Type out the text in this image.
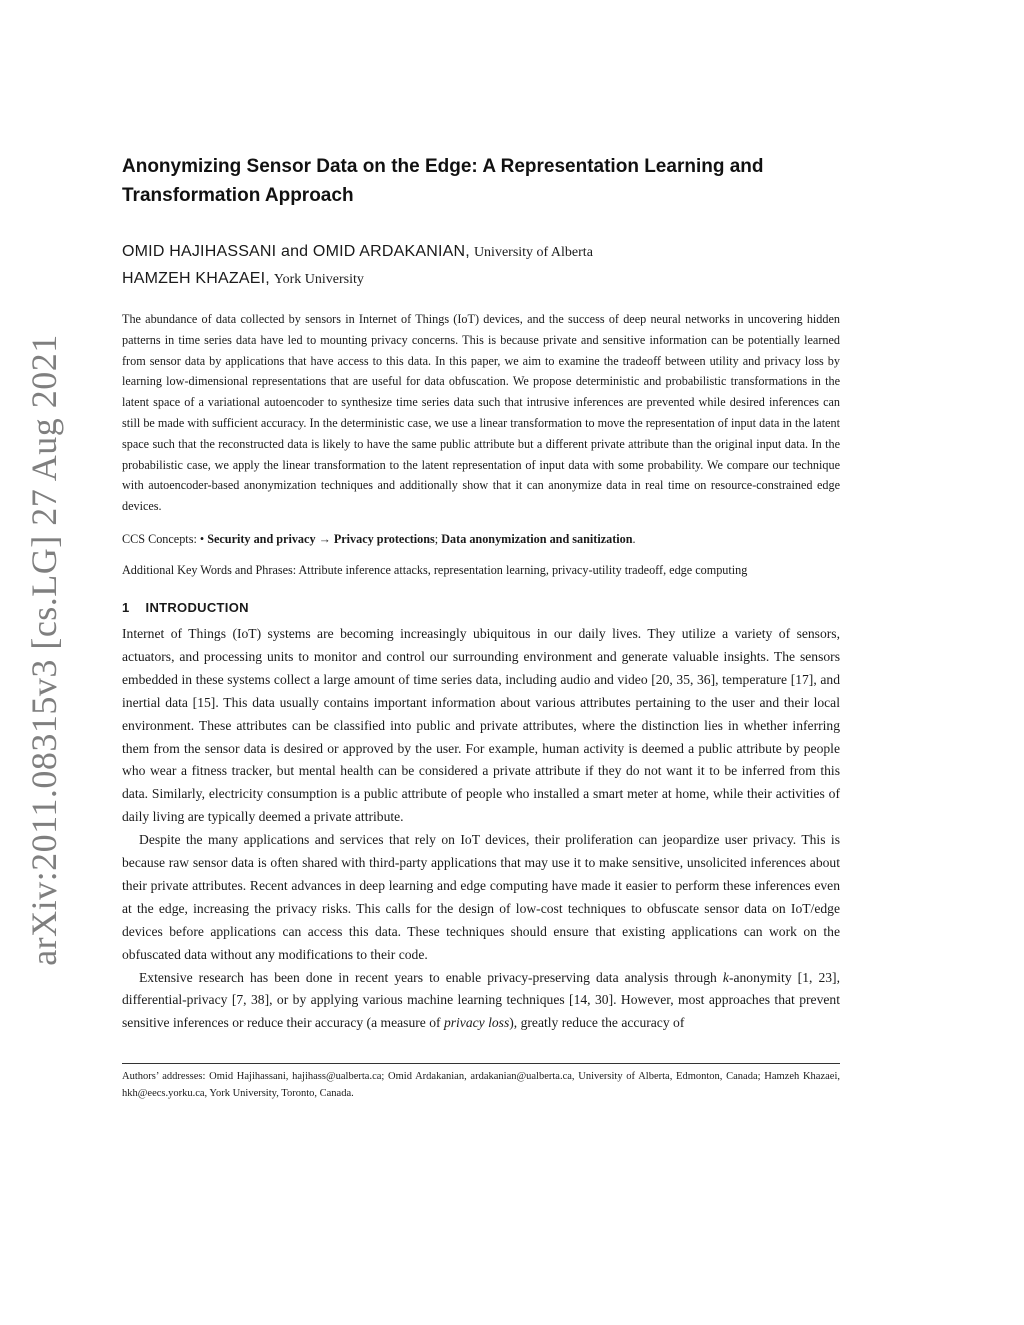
arXiv:2011.08315v3 [cs.LG] 27 Aug 2021
Anonymizing Sensor Data on the Edge: A Representation Learning and Transformation Approach
OMID HAJIHASSANI and OMID ARDAKANIAN, University of Alberta
HAMZEH KHAZAEI, York University
The abundance of data collected by sensors in Internet of Things (IoT) devices, and the success of deep neural networks in uncovering hidden patterns in time series data have led to mounting privacy concerns. This is because private and sensitive information can be potentially learned from sensor data by applications that have access to this data. In this paper, we aim to examine the tradeoff between utility and privacy loss by learning low-dimensional representations that are useful for data obfuscation. We propose deterministic and probabilistic transformations in the latent space of a variational autoencoder to synthesize time series data such that intrusive inferences are prevented while desired inferences can still be made with sufficient accuracy. In the deterministic case, we use a linear transformation to move the representation of input data in the latent space such that the reconstructed data is likely to have the same public attribute but a different private attribute than the original input data. In the probabilistic case, we apply the linear transformation to the latent representation of input data with some probability. We compare our technique with autoencoder-based anonymization techniques and additionally show that it can anonymize data in real time on resource-constrained edge devices.
CCS Concepts: • Security and privacy → Privacy protections; Data anonymization and sanitization.
Additional Key Words and Phrases: Attribute inference attacks, representation learning, privacy-utility tradeoff, edge computing
1 INTRODUCTION

Internet of Things (IoT) systems are becoming increasingly ubiquitous in our daily lives. They utilize a variety of sensors, actuators, and processing units to monitor and control our surrounding environment and generate valuable insights. The sensors embedded in these systems collect a large amount of time series data, including audio and video [20, 35, 36], temperature [17], and inertial data [15]. This data usually contains important information about various attributes pertaining to the user and their local environment. These attributes can be classified into public and private attributes, where the distinction lies in whether inferring them from the sensor data is desired or approved by the user. For example, human activity is deemed a public attribute by people who wear a fitness tracker, but mental health can be considered a private attribute if they do not want it to be inferred from this data. Similarly, electricity consumption is a public attribute of people who installed a smart meter at home, while their activities of daily living are typically deemed a private attribute.

Despite the many applications and services that rely on IoT devices, their proliferation can jeopardize user privacy. This is because raw sensor data is often shared with third-party applications that may use it to make sensitive, unsolicited inferences about their private attributes. Recent advances in deep learning and edge computing have made it easier to perform these inferences even at the edge, increasing the privacy risks. This calls for the design of low-cost techniques to obfuscate sensor data on IoT/edge devices before applications can access this data. These techniques should ensure that existing applications can work on the obfuscated data without any modifications to their code.

Extensive research has been done in recent years to enable privacy-preserving data analysis through k-anonymity [1, 23], differential-privacy [7, 38], or by applying various machine learning techniques [14, 30]. However, most approaches that prevent sensitive inferences or reduce their accuracy (a measure of privacy loss), greatly reduce the accuracy of

Authors’ addresses: Omid Hajihassani, hajihass@ualberta.ca; Omid Ardakanian, ardakanian@ualberta.ca, University of Alberta, Edmonton, Canada; Hamzeh Khazaei, hkh@eecs.yorku.ca, York University, Toronto, Canada.
